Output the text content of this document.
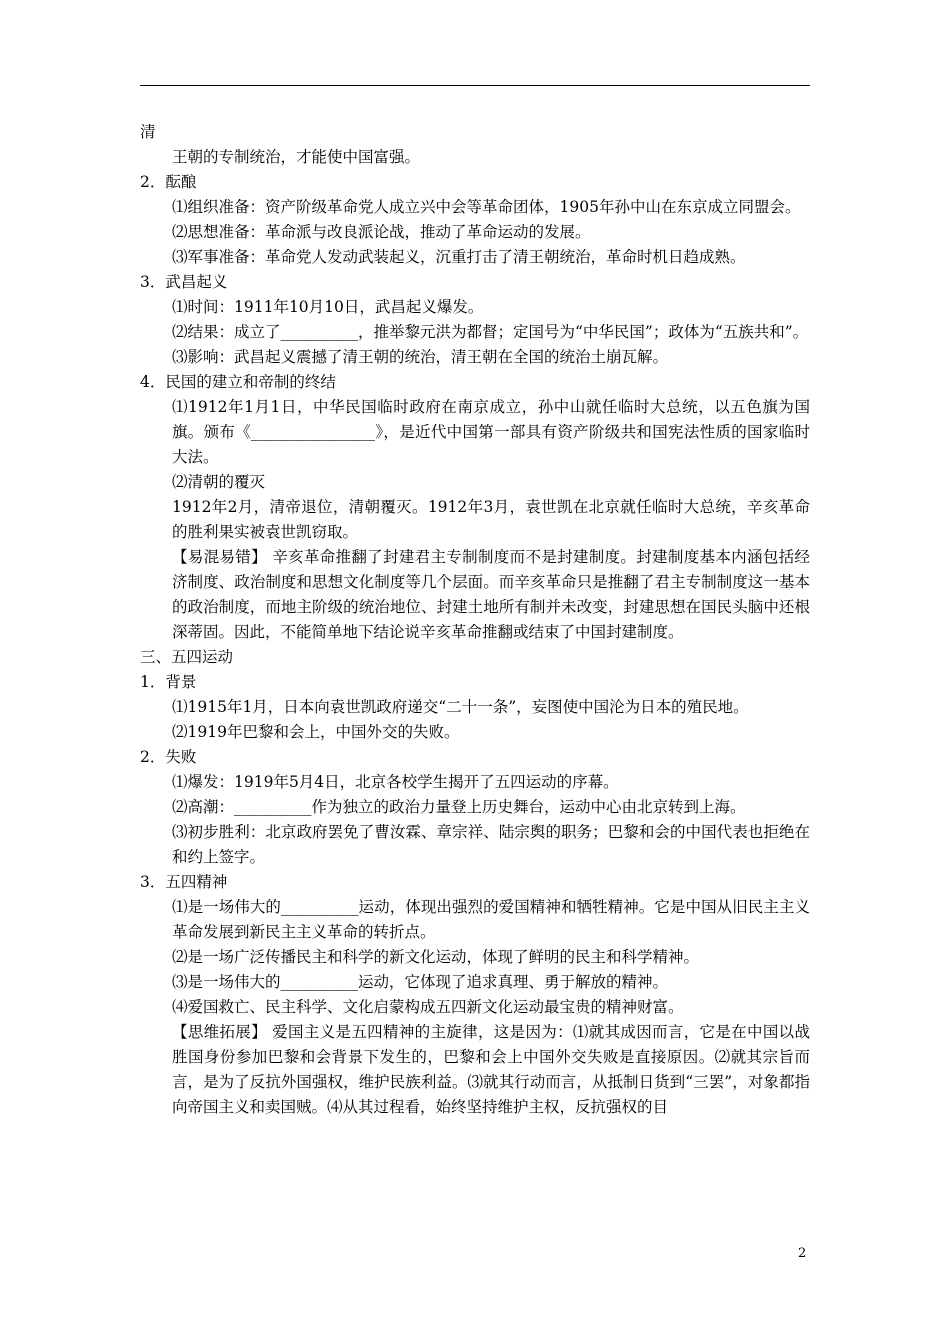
清

王朝的专制统治，才能使中国富强。

2．酝酿

⑴组织准备：资产阶级革命党人成立兴中会等革命团体，1905年孙中山在东京成立同盟会。

⑵思想准备：革命派与改良派论战，推动了革命运动的发展。

⑶军事准备：革命党人发动武装起义，沉重打击了清王朝统治，革命时机日趋成熟。

3．武昌起义

⑴时间：1911年10月10日，武昌起义爆发。

⑵结果：成立了__________，推举黎元洪为都督；定国号为“中华民国”；政体为“五族共和”。

⑶影响：武昌起义震撼了清王朝的统治，清王朝在全国的统治土崩瓦解。

4．民国的建立和帝制的终结

⑴1912年1月1日，中华民国临时政府在南京成立，孙中山就任临时大总统，以五色旗为国旗。颁布《________________》，是近代中国第一部具有资产阶级共和国宪法性质的国家临时大法。

⑵清朝的覆灭

1912年2月，清帝退位，清朝覆灭。1912年3月，袁世凯在北京就任临时大总统，辛亥革命的胜利果实被袁世凯窃取。

【易混易错】 辛亥革命推翻了封建君主专制制度而不是封建制度。封建制度基本内涵包括经济制度、政治制度和思想文化制度等几个层面。而辛亥革命只是推翻了君主专制制度这一基本的政治制度，而地主阶级的统治地位、封建土地所有制并未改变，封建思想在国民头脑中还根深蒂固。因此，不能简单地下结论说辛亥革命推翻或结束了中国封建制度。

三、五四运动

1．背景

⑴1915年1月，日本向袁世凯政府递交“二十一条”，妄图使中国沦为日本的殖民地。

⑵1919年巴黎和会上，中国外交的失败。

2．失败

⑴爆发：1919年5月4日，北京各校学生揭开了五四运动的序幕。

⑵高潮：__________作为独立的政治力量登上历史舞台，运动中心由北京转到上海。

⑶初步胜利：北京政府罢免了曹汝霖、章宗祥、陆宗舆的职务；巴黎和会的中国代表也拒绝在和约上签字。

3．五四精神

⑴是一场伟大的__________运动，体现出强烈的爱国精神和牺牲精神。它是中国从旧民主主义革命发展到新民主主义革命的转折点。

⑵是一场广泛传播民主和科学的新文化运动，体现了鲜明的民主和科学精神。

⑶是一场伟大的__________运动，它体现了追求真理、勇于解放的精神。

⑷爱国救亡、民主科学、文化启蒙构成五四新文化运动最宝贵的精神财富。

【思维拓展】 爱国主义是五四精神的主旋律，这是因为：⑴就其成因而言，它是在中国以战胜国身份参加巴黎和会背景下发生的，巴黎和会上中国外交失败是直接原因。⑵就其宗旨而言，是为了反抗外国强权，维护民族利益。⑶就其行动而言，从抵制日货到“三罢”，对象都指向帝国主义和卖国贼。⑷从其过程看，始终坚持维护主权，反抗强权的目

2
